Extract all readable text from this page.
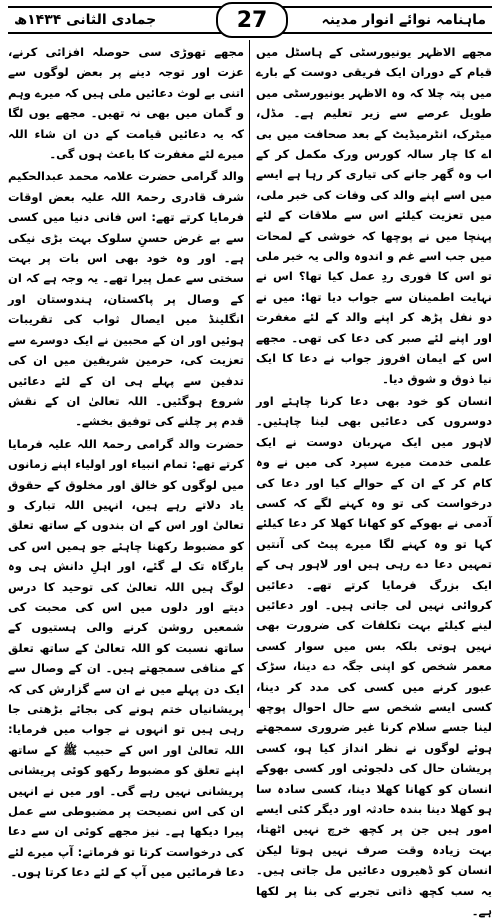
جمادی الثانی ۱۴۳۴ھ	ماہنامہ نوائے انوار مدینہ
27

مجھے الاظہر یونیورسٹی کے ہاسٹل میں قیام کے دوران ایک فریقی دوست کے بارے میں پتہ چلا کہ وہ الاظہر یونیورسٹی میں طویل عرصے سے زیر تعلیم ہے۔ مڈل، میٹرک، انٹرمیڈیٹ کے بعد صحافت میں بی اے کا چار سالہ کورس ورک مکمل کر کے اب وہ گھر جانے کی تیاری کر رہا ہے ایسے میں اسے اپنے والد کی وفات کی خبر ملی، میں تعزیت کیلئے اس سے ملاقات کے لئے پہنچا میں نے پوچھا کہ خوشی کے لمحات میں جب اسے غم و اندوہ والی یہ خبر ملی تو اس کا فوری ردِ عمل کیا تھا؟ اس نے نہایت اطمینان سے جواب دیا تھا: میں نے دو نفل پڑھ کر اپنے والد کے لئے مغفرت اور اپنے لئے صبر کی دعا کی تھی۔ مجھے اس کے ایمان افروز جواب نے دعا کا ایک نیا ذوق و شوق دیا۔

انسان کو خود بھی دعا کرنا چاہئے اور دوسروں کی دعائیں بھی لینا چاہئیں۔ لاہور میں ایک مہربان دوست نے ایک علمی خدمت میرے سپرد کی میں نے وہ کام کر کے ان کے حوالے کیا اور دعا کی درخواست کی تو وہ کہنے لگے کہ کسی آدمی نے بھوکے کو کھانا کھلا کر دعا کیلئے کہا تو وہ کہنے لگا میرے پیٹ کی آنتیں تمہیں دعا دے رہی ہیں اور لاہور ہی کے ایک بزرگ فرمایا کرتے تھے۔ دعائیں کروائی نہیں لی جاتی ہیں۔ اور دعائیں لینے کیلئے بہت تکلفات کی ضرورت بھی نہیں ہوتی بلکہ بس میں سوار کسی معمر شخص کو اپنی جگہ دے دینا، سڑک عبور کرنے میں کسی کی مدد کر دینا، کسی ایسے شخص سے حال احوال پوچھ لینا جسے سلام کرنا غیر ضروری سمجھتے ہوئے لوگوں نے نظر انداز کیا ہو، کسی پریشان حال کی دلجوئی اور کسی بھوکے انسان کو کھانا کھلا دینا، کسی سادہ سا ہو کھلا دینا بندہ حادثہ اور دیگر کئی ایسے امور ہیں جن پر کچھ خرچ نہیں اٹھتا، بہت زیادہ وقت صرف نہیں ہوتا لیکن انسان کو ڈھیروں دعائیں مل جاتی ہیں۔ یہ سب کچھ ذاتی تجربے کی بنا پر لکھا ہے۔

مجھے تھوڑی سی حوصلہ افزائی کرنے، عزت اور توجہ دینے پر بعض لوگوں سے اتنی بے لوث دعائیں ملی ہیں کہ میرے وہم و گمان میں بھی نہ تھیں۔ مجھے یوں لگا کہ یہ دعائیں قیامت کے دن ان شاء اللہ میرے لئے مغفرت کا باعث ہوں گی۔

والد گرامی حضرت علامہ محمد عبدالحکیم شرف قادری رحمۃ اللہ علیہ بعض اوقات فرمایا کرتے تھے: اس فانی دنیا میں کسی سے بے غرض حسنِ سلوک بہت بڑی نیکی ہے۔ اور وہ خود بھی اس بات پر بہت سختی سے عمل پیرا تھے۔ یہ وجہ ہے کہ ان کے وصال پر پاکستان، ہندوستان اور انگلینڈ میں ایصال ثواب کی تقریبات ہوئیں اور ان کے محبین نے ایک دوسرے سے تعزیت کی، حرمین شریفین میں ان کی تدفین سے پہلے ہی ان کے لئے دعائیں شروع ہوگئیں۔ اللہ تعالیٰ ان کے نقش قدم پر چلنے کی توفیق بخشے۔

حضرت والد گرامی رحمۃ اللہ علیہ فرمایا کرتے تھے: تمام انبیاء اور اولیاء اپنے زمانوں میں لوگوں کو خالق اور مخلوق کے حقوق یاد دلاتے رہے ہیں، انہیں اللہ تبارک و تعالیٰ اور اس کے ان بندوں کے ساتھ تعلق کو مضبوط رکھنا چاہئے جو ہمیں اس کی بارگاہ تک لے گئے، اور اہلِ دانش ہی وہ لوگ ہیں اللہ تعالیٰ کی توحید کا درس دیتے اور دلوں میں اس کی محبت کی شمعیں روشن کرنے والی ہستیوں کے ساتھ نسبت کو اللہ تعالیٰ کے ساتھ تعلق کے منافی سمجھتے ہیں۔ ان کے وصال سے ایک دن پہلے میں نے ان سے گزارش کی کہ پریشانیاں ختم ہونے کی بجائے بڑھتی جا رہی ہیں تو انہوں نے جواب میں فرمایا: اللہ تعالیٰ اور اس کے حبیب ﷺ کے ساتھ اپنے تعلق کو مضبوط رکھو کوئی پریشانی پریشانی نہیں رہے گی۔ اور میں نے انہیں ان کی اس نصیحت پر مضبوطی سے عمل پیرا دیکھا ہے۔ نیز مجھے کوئی ان سے دعا کی درخواست کرتا تو فرماتے: آپ میرے لئے دعا فرمائیں میں آپ کے لئے دعا کرتا ہوں۔
